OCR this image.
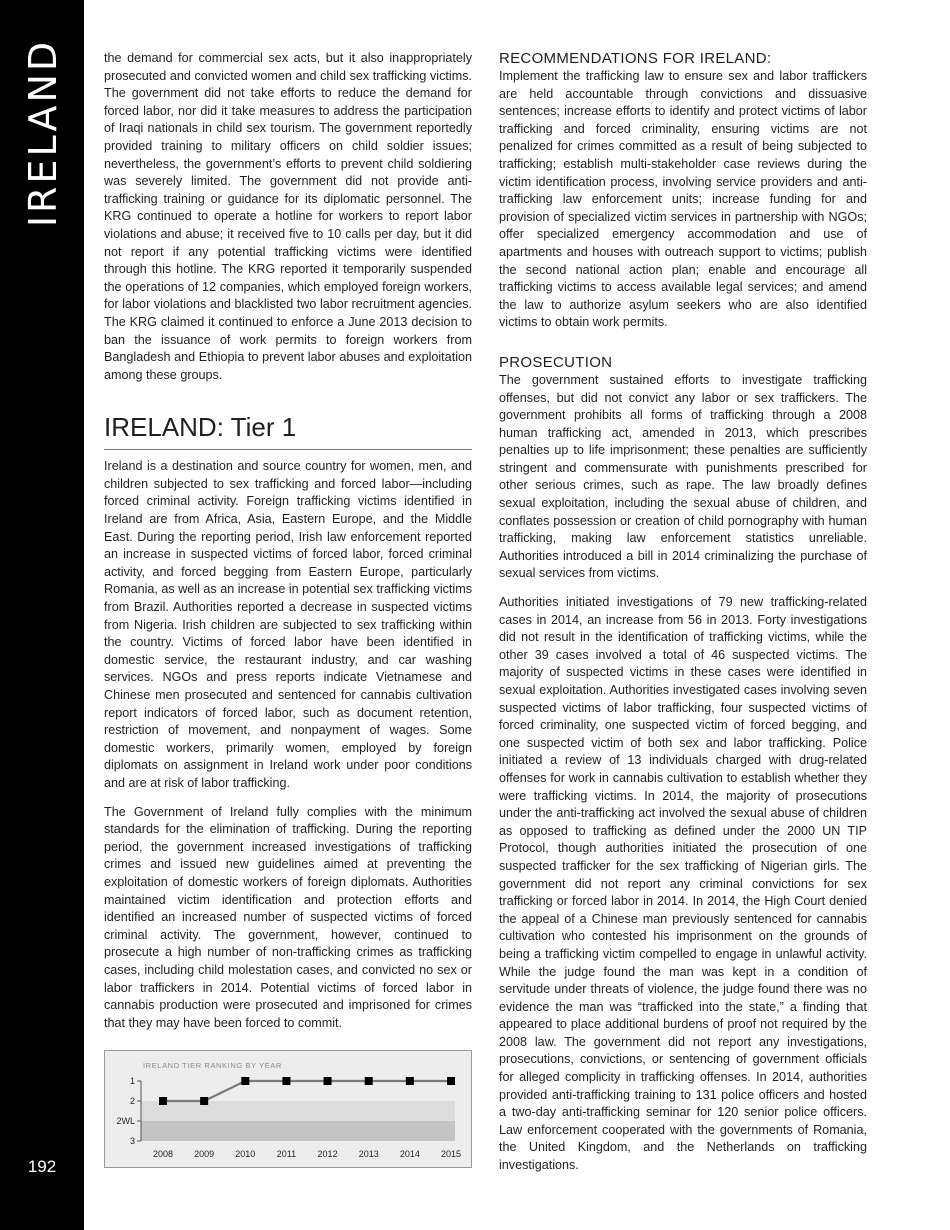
IRELAND
192

the demand for commercial sex acts, but it also inappropriately prosecuted and convicted women and child sex trafficking victims. The government did not take efforts to reduce the demand for forced labor, nor did it take measures to address the participation of Iraqi nationals in child sex tourism. The government reportedly provided training to military officers on child soldier issues; nevertheless, the government’s efforts to prevent child soldiering was severely limited. The government did not provide anti-trafficking training or guidance for its diplomatic personnel. The KRG continued to operate a hotline for workers to report labor violations and abuse; it received five to 10 calls per day, but it did not report if any potential trafficking victims were identified through this hotline. The KRG reported it temporarily suspended the operations of 12 companies, which employed foreign workers, for labor violations and blacklisted two labor recruitment agencies. The KRG claimed it continued to enforce a June 2013 decision to ban the issuance of work permits to foreign workers from Bangladesh and Ethiopia to prevent labor abuses and exploitation among these groups.

IRELAND: Tier 1

Ireland is a destination and source country for women, men, and children subjected to sex trafficking and forced labor—including forced criminal activity. Foreign trafficking victims identified in Ireland are from Africa, Asia, Eastern Europe, and the Middle East. During the reporting period, Irish law enforcement reported an increase in suspected victims of forced labor, forced criminal activity, and forced begging from Eastern Europe, particularly Romania, as well as an increase in potential sex trafficking victims from Brazil. Authorities reported a decrease in suspected victims from Nigeria. Irish children are subjected to sex trafficking within the country. Victims of forced labor have been identified in domestic service, the restaurant industry, and car washing services. NGOs and press reports indicate Vietnamese and Chinese men prosecuted and sentenced for cannabis cultivation report indicators of forced labor, such as document retention, restriction of movement, and nonpayment of wages. Some domestic workers, primarily women, employed by foreign diplomats on assignment in Ireland work under poor conditions and are at risk of labor trafficking.

The Government of Ireland fully complies with the minimum standards for the elimination of trafficking. During the reporting period, the government increased investigations of trafficking crimes and issued new guidelines aimed at preventing the exploitation of domestic workers of foreign diplomats. Authorities maintained victim identification and protection efforts and identified an increased number of suspected victims of forced criminal activity. The government, however, continued to prosecute a high number of non-trafficking crimes as trafficking cases, including child molestation cases, and convicted no sex or labor traffickers in 2014. Potential victims of forced labor in cannabis production were prosecuted and imprisoned for crimes that they may have been forced to commit.

IRELAND TIER RANKING BY YEAR
1
2
2WL
3
2008 2009 2010 2011 2012 2013 2014 2015
RECOMMENDATIONS FOR IRELAND:

Implement the trafficking law to ensure sex and labor traffickers are held accountable through convictions and dissuasive sentences; increase efforts to identify and protect victims of labor trafficking and forced criminality, ensuring victims are not penalized for crimes committed as a result of being subjected to trafficking; establish multi-stakeholder case reviews during the victim identification process, involving service providers and anti-trafficking law enforcement units; increase funding for and provision of specialized victim services in partnership with NGOs; offer specialized emergency accommodation and use of apartments and houses with outreach support to victims; publish the second national action plan; enable and encourage all trafficking victims to access available legal services; and amend the law to authorize asylum seekers who are also identified victims to obtain work permits.

PROSECUTION

The government sustained efforts to investigate trafficking offenses, but did not convict any labor or sex traffickers. The government prohibits all forms of trafficking through a 2008 human trafficking act, amended in 2013, which prescribes penalties up to life imprisonment; these penalties are sufficiently stringent and commensurate with punishments prescribed for other serious crimes, such as rape. The law broadly defines sexual exploitation, including the sexual abuse of children, and conflates possession or creation of child pornography with human trafficking, making law enforcement statistics unreliable. Authorities introduced a bill in 2014 criminalizing the purchase of sexual services from victims.

Authorities initiated investigations of 79 new trafficking-related cases in 2014, an increase from 56 in 2013. Forty investigations did not result in the identification of trafficking victims, while the other 39 cases involved a total of 46 suspected victims. The majority of suspected victims in these cases were identified in sexual exploitation. Authorities investigated cases involving seven suspected victims of labor trafficking, four suspected victims of forced criminality, one suspected victim of forced begging, and one suspected victim of both sex and labor trafficking. Police initiated a review of 13 individuals charged with drug-related offenses for work in cannabis cultivation to establish whether they were trafficking victims. In 2014, the majority of prosecutions under the anti-trafficking act involved the sexual abuse of children as opposed to trafficking as defined under the 2000 UN TIP Protocol, though authorities initiated the prosecution of one suspected trafficker for the sex trafficking of Nigerian girls. The government did not report any criminal convictions for sex trafficking or forced labor in 2014. In 2014, the High Court denied the appeal of a Chinese man previously sentenced for cannabis cultivation who contested his imprisonment on the grounds of being a trafficking victim compelled to engage in unlawful activity. While the judge found the man was kept in a condition of servitude under threats of violence, the judge found there was no evidence the man was “trafficked into the state,” a finding that appeared to place additional burdens of proof not required by the 2008 law. The government did not report any investigations, prosecutions, convictions, or sentencing of government officials for alleged complicity in trafficking offenses. In 2014, authorities provided anti-trafficking training to 131 police officers and hosted a two-day anti-trafficking seminar for 120 senior police officers. Law enforcement cooperated with the governments of Romania, the United Kingdom, and the Netherlands on trafficking investigations.
